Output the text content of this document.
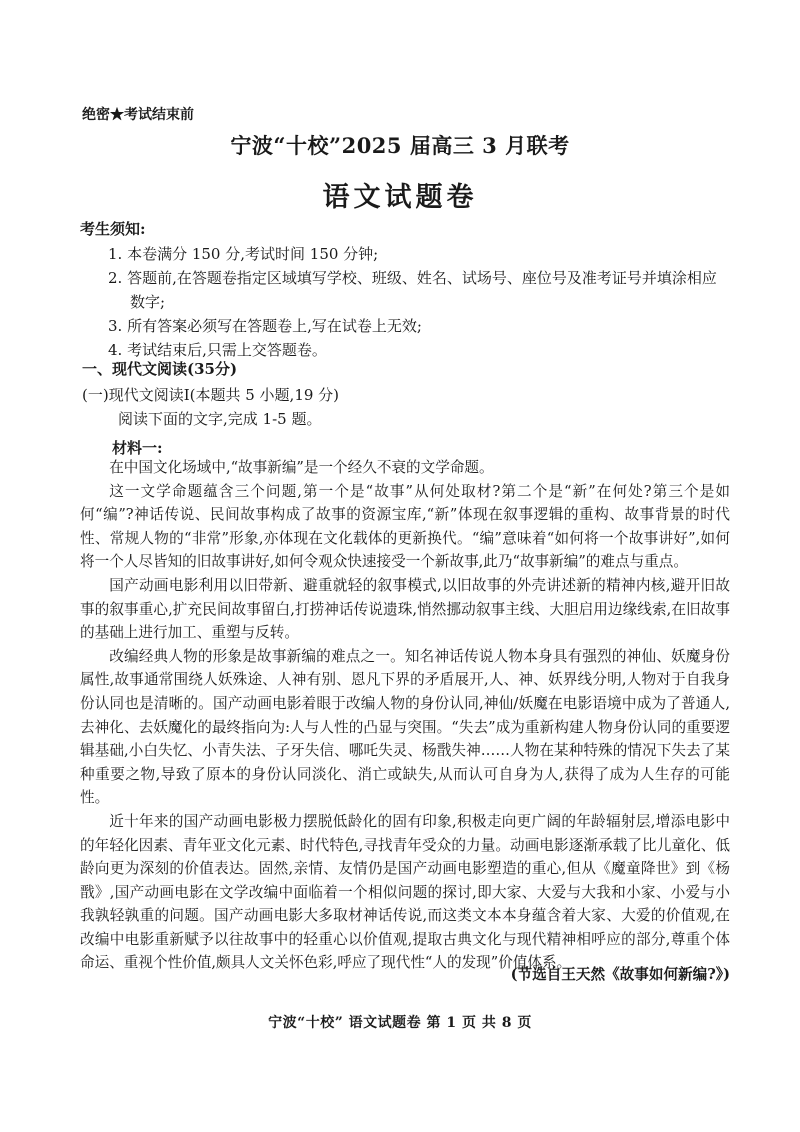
绝密★考试结束前
宁波“十校”2025 届高三 3 月联考
语文试题卷
考生须知:
1. 本卷满分 150 分,考试时间 150 分钟;
2. 答题前,在答题卷指定区域填写学校、班级、姓名、试场号、座位号及准考证号并填涂相应
数字;
3. 所有答案必须写在答题卷上,写在试卷上无效;
4. 考试结束后,只需上交答题卷。
一、现代文阅读(35分)
(一)现代文阅读Ⅰ(本题共 5 小题,19 分)
阅读下面的文字,完成 1-5 题。
材料一:

在中国文化场域中,“故事新编”是一个经久不衰的文学命题。

这一文学命题蕴含三个问题,第一个是“故事”从何处取材?第二个是“新”在何处?第三个是如何“编”?神话传说、民间故事构成了故事的资源宝库,“新”体现在叙事逻辑的重构、故事背景的时代性、常规人物的“非常”形象,亦体现在文化载体的更新换代。“编”意味着“如何将一个故事讲好”,如何将一个人尽皆知的旧故事讲好,如何令观众快速接受一个新故事,此乃“故事新编”的难点与重点。

国产动画电影利用以旧带新、避重就轻的叙事模式,以旧故事的外壳讲述新的精神内核,避开旧故事的叙事重心,扩充民间故事留白,打捞神话传说遗珠,悄然挪动叙事主线、大胆启用边缘线索,在旧故事的基础上进行加工、重塑与反转。

改编经典人物的形象是故事新编的难点之一。知名神话传说人物本身具有强烈的神仙、妖魔身份属性,故事通常围绕人妖殊途、人神有别、恩凡下界的矛盾展开,人、神、妖界线分明,人物对于自我身份认同也是清晰的。国产动画电影着眼于改编人物的身份认同,神仙/妖魔在电影语境中成为了普通人,去神化、去妖魔化的最终指向为:人与人性的凸显与突围。“失去”成为重新构建人物身份认同的重要逻辑基础,小白失忆、小青失法、子牙失信、哪吒失灵、杨戬失神……人物在某种特殊的情况下失去了某种重要之物,导致了原本的身份认同淡化、消亡或缺失,从而认可自身为人,获得了成为人生存的可能性。

近十年来的国产动画电影极力摆脱低龄化的固有印象,积极走向更广阔的年龄辐射层,增添电影中的年轻化因素、青年亚文化元素、时代特色,寻找青年受众的力量。动画电影逐渐承载了比儿童化、低龄向更为深刻的价值表达。固然,亲情、友情仍是国产动画电影塑造的重心,但从《魔童降世》到《杨戬》,国产动画电影在文学改编中面临着一个相似问题的探讨,即大家、大爱与大我和小家、小爱与小我孰轻孰重的问题。国产动画电影大多取材神话传说,而这类文本本身蕴含着大家、大爱的价值观,在改编中电影重新赋予以往故事中的轻重心以价值观,提取古典文化与现代精神相呼应的部分,尊重个体命运、重视个性价值,颇具人文关怀色彩,呼应了现代性“人的发现”价值体系。

(节选自王天然《故事如何新编?》)
宁波“十校” 语文试题卷 第 1 页 共 8 页
